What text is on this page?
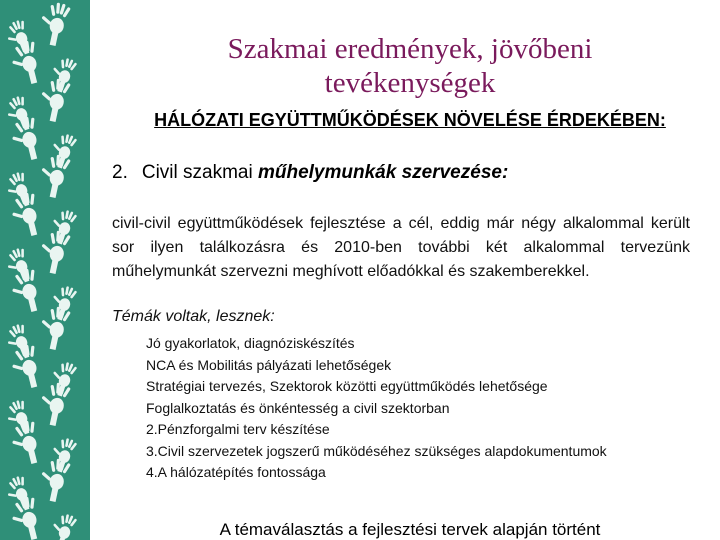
Szakmai eredmények, jövőbeni
tevékenységek
HÁLÓZATI EGYÜTTMŰKÖDÉSEK NÖVELÉSE ÉRDEKÉBEN:
2. Civil szakmai műhelymunkák szervezése:
civil-civil együttműködések fejlesztése a cél, eddig már négy alkalommal került sor ilyen találkozásra és 2010-ben további két alkalommal tervezünk műhelymunkát szervezni meghívott előadókkal és szakemberekkel.
Témák voltak, lesznek:
Jó gyakorlatok, diagnóziskészítés
NCA és Mobilitás pályázati lehetőségek
Stratégiai tervezés, Szektorok közötti együttműködés lehetősége
Foglalkoztatás és önkéntesség a civil szektorban
2.Pénzforgalmi terv készítése
3.Civil szervezetek jogszerű működéséhez szükséges alapdokumentumok
4.A hálózatépítés fontossága
A témaválasztás a fejlesztési tervek alapján történt
